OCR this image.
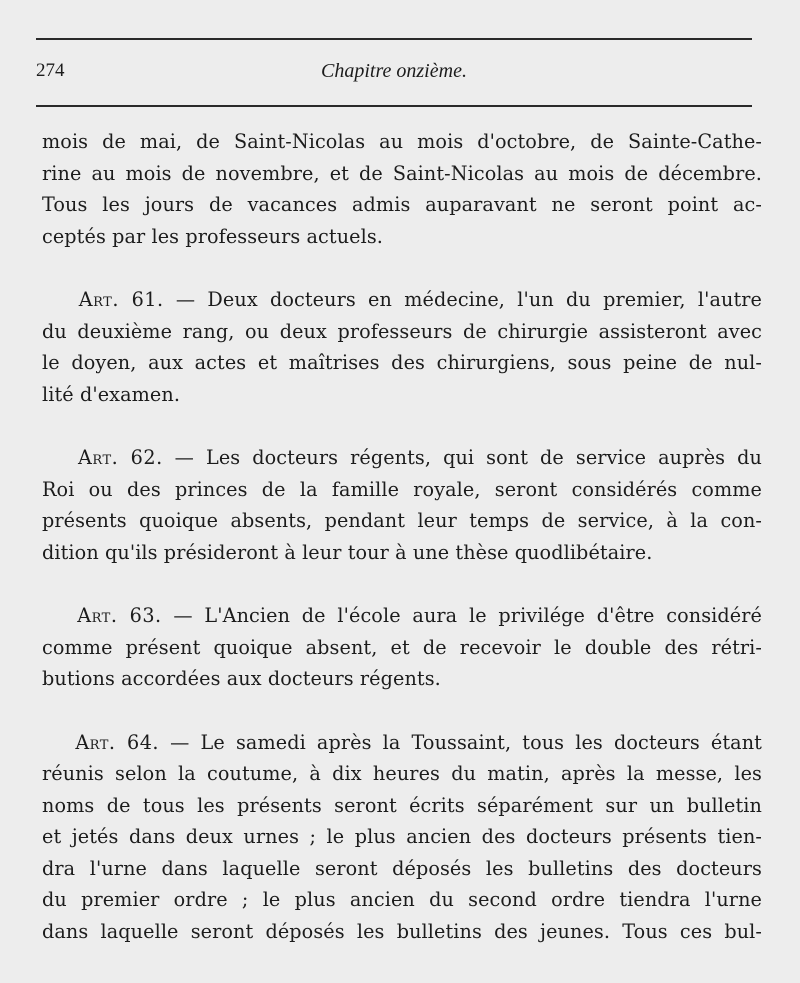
274	Chapitre onzième.
mois de mai, de Saint-Nicolas au mois d'octobre, de Sainte-Cathe-
rine au mois de novembre, et de Saint-Nicolas au mois de décembre.
Tous les jours de vacances admis auparavant ne seront point ac-
ceptés par les professeurs actuels.
Art. 61. — Deux docteurs en médecine, l'un du premier, l'autre
du deuxième rang, ou deux professeurs de chirurgie assisteront avec
le doyen, aux actes et maîtrises des chirurgiens, sous peine de nul-
lité d'examen.
Art. 62. — Les docteurs régents, qui sont de service auprès du
Roi ou des princes de la famille royale, seront considérés comme
présents quoique absents, pendant leur temps de service, à la con-
dition qu'ils présideront à leur tour à une thèse quodlibétaire.
Art. 63. — L'Ancien de l'école aura le privilége d'être considéré
comme présent quoique absent, et de recevoir le double des rétri-
butions accordées aux docteurs régents.
Art. 64. — Le samedi après la Toussaint, tous les docteurs étant
réunis selon la coutume, à dix heures du matin, après la messe, les
noms de tous les présents seront écrits séparément sur un bulletin
et jetés dans deux urnes ; le plus ancien des docteurs présents tien-
dra l'urne dans laquelle seront déposés les bulletins des docteurs
du premier ordre ; le plus ancien du second ordre tiendra l'urne
dans laquelle seront déposés les bulletins des jeunes. Tous ces bul-
